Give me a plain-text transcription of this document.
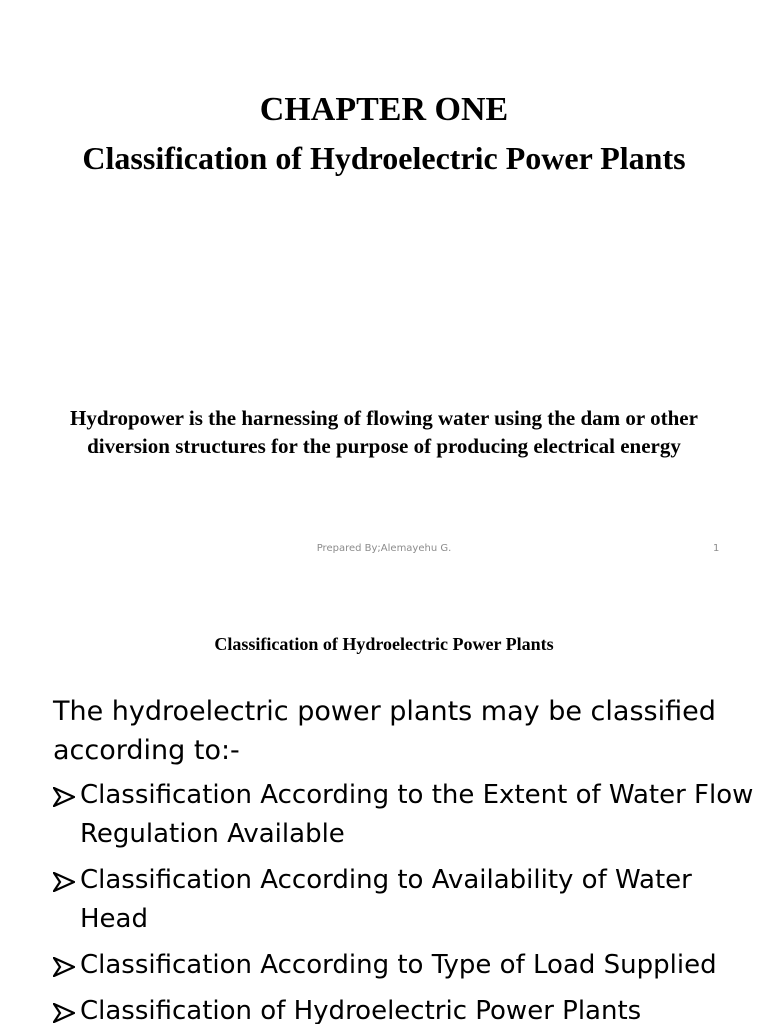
CHAPTER ONE
Classification of Hydroelectric Power Plants
Hydropower is the harnessing of flowing water using the dam or other
diversion structures for the purpose of producing electrical energy
Prepared By;Alemayehu G.	1
Classification of Hydroelectric Power Plants
The hydroelectric power plants may be classified according to:-
Classification According to the Extent of Water Flow Regulation Available
Classification According to Availability of Water Head
Classification According to Type of Load Supplied
Classification of Hydroelectric Power Plants
